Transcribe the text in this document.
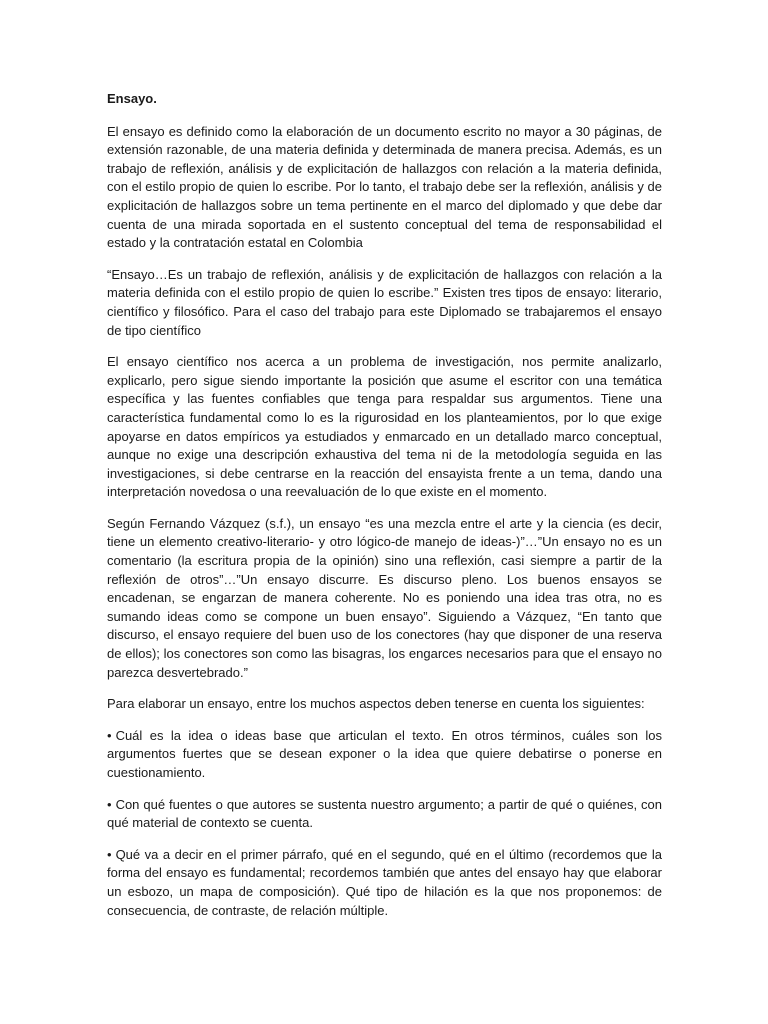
Ensayo.

El ensayo es definido como la elaboración de un documento escrito no mayor a 30 páginas, de extensión razonable, de una materia definida y determinada de manera precisa. Además, es un trabajo de reflexión, análisis y de explicitación de hallazgos con relación a la materia definida, con el estilo propio de quien lo escribe. Por lo tanto, el trabajo debe ser la reflexión, análisis y de explicitación de hallazgos sobre un tema pertinente en el marco del diplomado y que debe dar cuenta de una mirada soportada en el sustento conceptual del tema de responsabilidad el estado y la contratación estatal en Colombia

“Ensayo…Es un trabajo de reflexión, análisis y de explicitación de hallazgos con relación a la materia definida con el estilo propio de quien lo escribe.” Existen tres tipos de ensayo: literario, científico y filosófico. Para el caso del trabajo para este Diplomado se trabajaremos el ensayo de tipo científico

El ensayo científico nos acerca a un problema de investigación, nos permite analizarlo, explicarlo, pero sigue siendo importante la posición que asume el escritor con una temática específica y las fuentes confiables que tenga para respaldar sus argumentos. Tiene una característica fundamental como lo es la rigurosidad en los planteamientos, por lo que exige apoyarse en datos empíricos ya estudiados y enmarcado en un detallado marco conceptual, aunque no exige una descripción exhaustiva del tema ni de la metodología seguida en las investigaciones, si debe centrarse en la reacción del ensayista frente a un tema, dando una interpretación novedosa o una reevaluación de lo que existe en el momento.

Según Fernando Vázquez (s.f.), un ensayo “es una mezcla entre el arte y la ciencia (es decir, tiene un elemento creativo-literario- y otro lógico-de manejo de ideas-)”…”Un ensayo no es un comentario (la escritura propia de la opinión) sino una reflexión, casi siempre a partir de la reflexión de otros”…”Un ensayo discurre. Es discurso pleno. Los buenos ensayos se encadenan, se engarzan de manera coherente. No es poniendo una idea tras otra, no es sumando ideas como se compone un buen ensayo”. Siguiendo a Vázquez, “En tanto que discurso, el ensayo requiere del buen uso de los conectores (hay que disponer de una reserva de ellos); los conectores son como las bisagras, los engarces necesarios para que el ensayo no parezca desvertebrado.”

Para elaborar un ensayo, entre los muchos aspectos deben tenerse en cuenta los siguientes:

• Cuál es la idea o ideas base que articulan el texto. En otros términos, cuáles son los argumentos fuertes que se desean exponer o la idea que quiere debatirse o ponerse en cuestionamiento.

• Con qué fuentes o que autores se sustenta nuestro argumento; a partir de qué o quiénes, con qué material de contexto se cuenta.

• Qué va a decir en el primer párrafo, qué en el segundo, qué en el último (recordemos que la forma del ensayo es fundamental; recordemos también que antes del ensayo hay que elaborar un esbozo, un mapa de composición). Qué tipo de hilación es la que nos proponemos: de consecuencia, de contraste, de relación múltiple.
